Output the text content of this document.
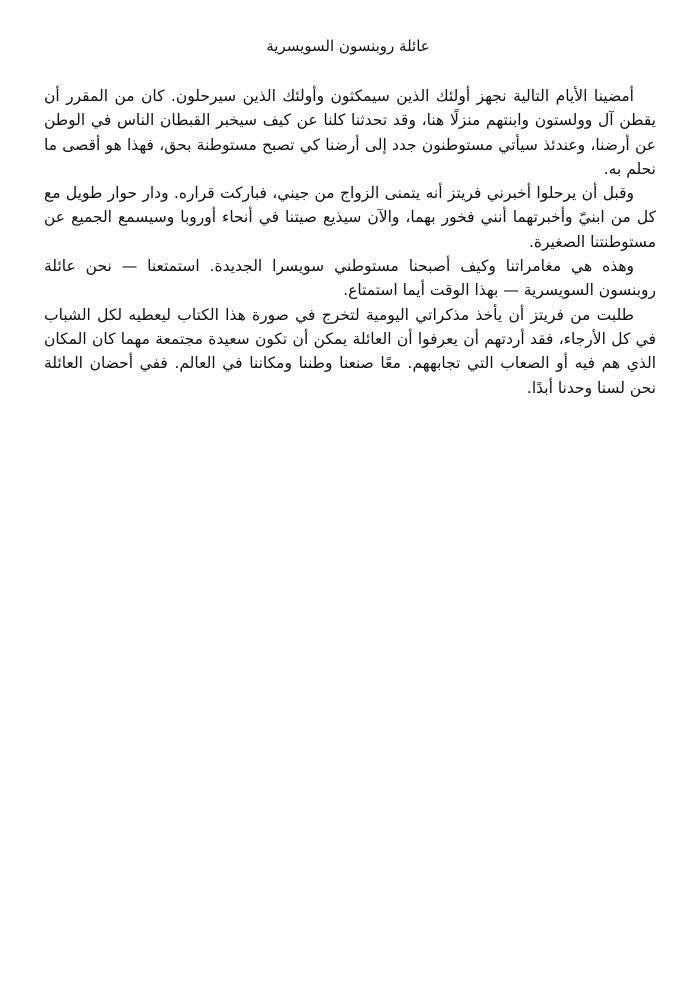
عائلة روبنسون السويسرية

أمضينا الأيام التالية نجهز أولئك الذين سيمكثون وأولئك الذين سيرحلون. كان من المقرر أن يقطن آل وولستون وابنتهم منزلًا هنا، وقد تحدثنا كلنا عن كيف سيخبر القبطان الناس في الوطن عن أرضنا، وعندئذ سيأتي مستوطنون جدد إلى أرضنا كي تصبح مستوطنة بحق، فهذا هو أقصى ما نحلم به.

وقبل أن يرحلوا أخبرني فريتز أنه يتمنى الزواج من جيني، فباركت قراره. ودار حوار طويل مع كل من ابنيّ وأخبرتهما أنني فخور بهما، والآن سيذيع صيتنا في أنحاء أوروبا وسيسمع الجميع عن مستوطنتنا الصغيرة.

وهذه هي مغامراتنا وكيف أصبحنا مستوطني سويسرا الجديدة. استمتعنا — نحن عائلة روبنسون السويسرية — بهذا الوقت أيما استمتاع.

طلبت من فريتز أن يأخذ مذكراتي اليومية لتخرج في صورة هذا الكتاب ليعطيه لكل الشباب في كل الأرجاء، فقد أردتهم أن يعرفوا أن العائلة يمكن أن تكون سعيدة مجتمعة مهما كان المكان الذي هم فيه أو الصعاب التي تجابههم. معًا صنعنا وطننا ومكاننا في العالم. ففي أحضان العائلة نحن لسنا وحدنا أبدًا.
